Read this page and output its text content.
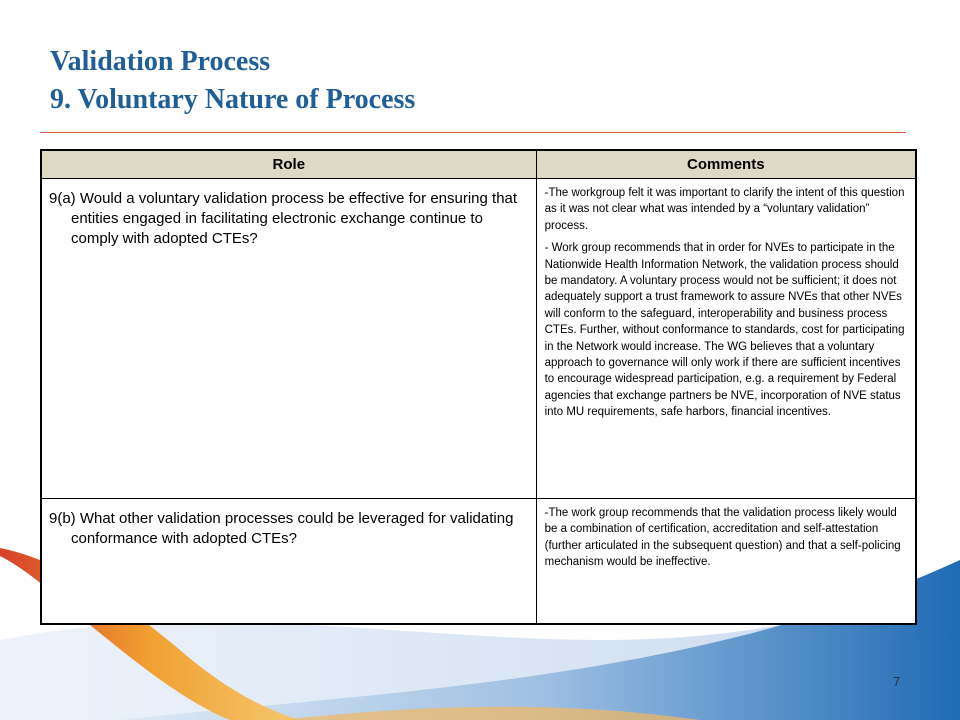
Validation Process
9. Voluntary Nature of Process
Role	Comments

9(a) Would a voluntary validation process be effective for ensuring that entities engaged in facilitating electronic exchange continue to comply with adopted CTEs?	-The workgroup felt it was important to clarify the intent of this question as it was not clear what was intended by a “voluntary validation” process.

- Work group recommends that in order for NVEs to participate in the Nationwide Health Information Network, the validation process should be mandatory. A voluntary process would not be sufficient; it does not adequately support a trust framework to assure NVEs that other NVEs will conform to the safeguard, interoperability and business process CTEs. Further, without conformance to standards, cost for participating in the Network would increase. The WG believes that a voluntary approach to governance will only work if there are sufficient incentives to encourage widespread participation, e.g. a requirement by Federal agencies that exchange partners be NVE, incorporation of NVE status into MU requirements, safe harbors, financial incentives.

9(b) What other validation processes could be leveraged for validating conformance with adopted CTEs?	-The work group recommends that the validation process likely would be a combination of certification, accreditation and self-attestation (further articulated in the subsequent question) and that a self-policing mechanism would be ineffective.

7
